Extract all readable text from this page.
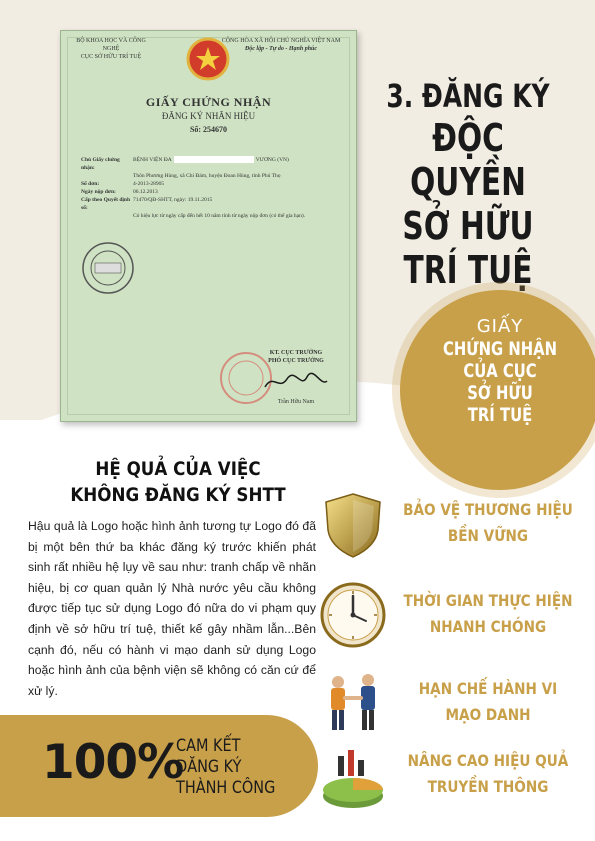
BỘ KHOA HỌC VÀ CÔNG NGHỆ
CỤC SỞ HỮU TRÍ TUỆ
CỘNG HÒA XÃ HỘI CHỦ NGHĨA VIỆT NAM
Độc lập - Tự do - Hạnh phúc
GIẤY CHỨNG NHẬN
ĐĂNG KÝ NHÃN HIỆU
Số: 254670
Chủ Giấy chứng nhận:
BỆNH VIỆN ĐA	VƯƠNG (VN)
Thôn Phương Hùng, xã Chí Đám, huyện Đoan Hùng, tỉnh Phú Thọ
Số đơn:	4-2013-28905
Ngày nộp đơn:	06.12.2013
Cấp theo Quyết định số:
71470/QĐ-SHTT, ngày: 19.11.2015
Có hiệu lực từ ngày cấp đến hết 10 năm tính từ ngày nộp đơn (có thể gia hạn).
KT. CỤC TRƯỞNG
PHÓ CỤC TRƯỞNG
Trần Hữu Nam
3. ĐĂNG KÝ
ĐỘC QUYỀN
SỞ HỮU
TRÍ TUỆ
GIẤY
CHỨNG NHẬN
CỦA CỤC
SỞ HỮU
TRÍ TUỆ
HỆ QUẢ CỦA VIỆC
KHÔNG ĐĂNG KÝ SHTT
Hậu quả là Logo hoặc hình ảnh tương tự Logo đó đã bị một bên thứ ba khác đăng ký trước khiến phát sinh rất nhiều hệ lụy về sau như: tranh chấp về nhãn hiệu, bị cơ quan quản lý Nhà nước yêu cầu không được tiếp tục sử dụng Logo đó nữa do vi phạm quy định về sở hữu trí tuệ, thiết kế gây nhầm lẫn...Bên cạnh đó, nếu có hành vi mạo danh sử dụng Logo hoặc hình ảnh của bệnh viện sẽ không có căn cứ để xử lý.
100%
CAM KẾT
ĐĂNG KÝ
THÀNH CÔNG
BẢO VỆ THƯƠNG HIỆU
BỀN VỮNG
THỜI GIAN THỰC HIỆN
NHANH CHÓNG
HẠN CHẾ HÀNH VI
MẠO DANH
NÂNG CAO HIỆU QUẢ
TRUYỀN THÔNG
